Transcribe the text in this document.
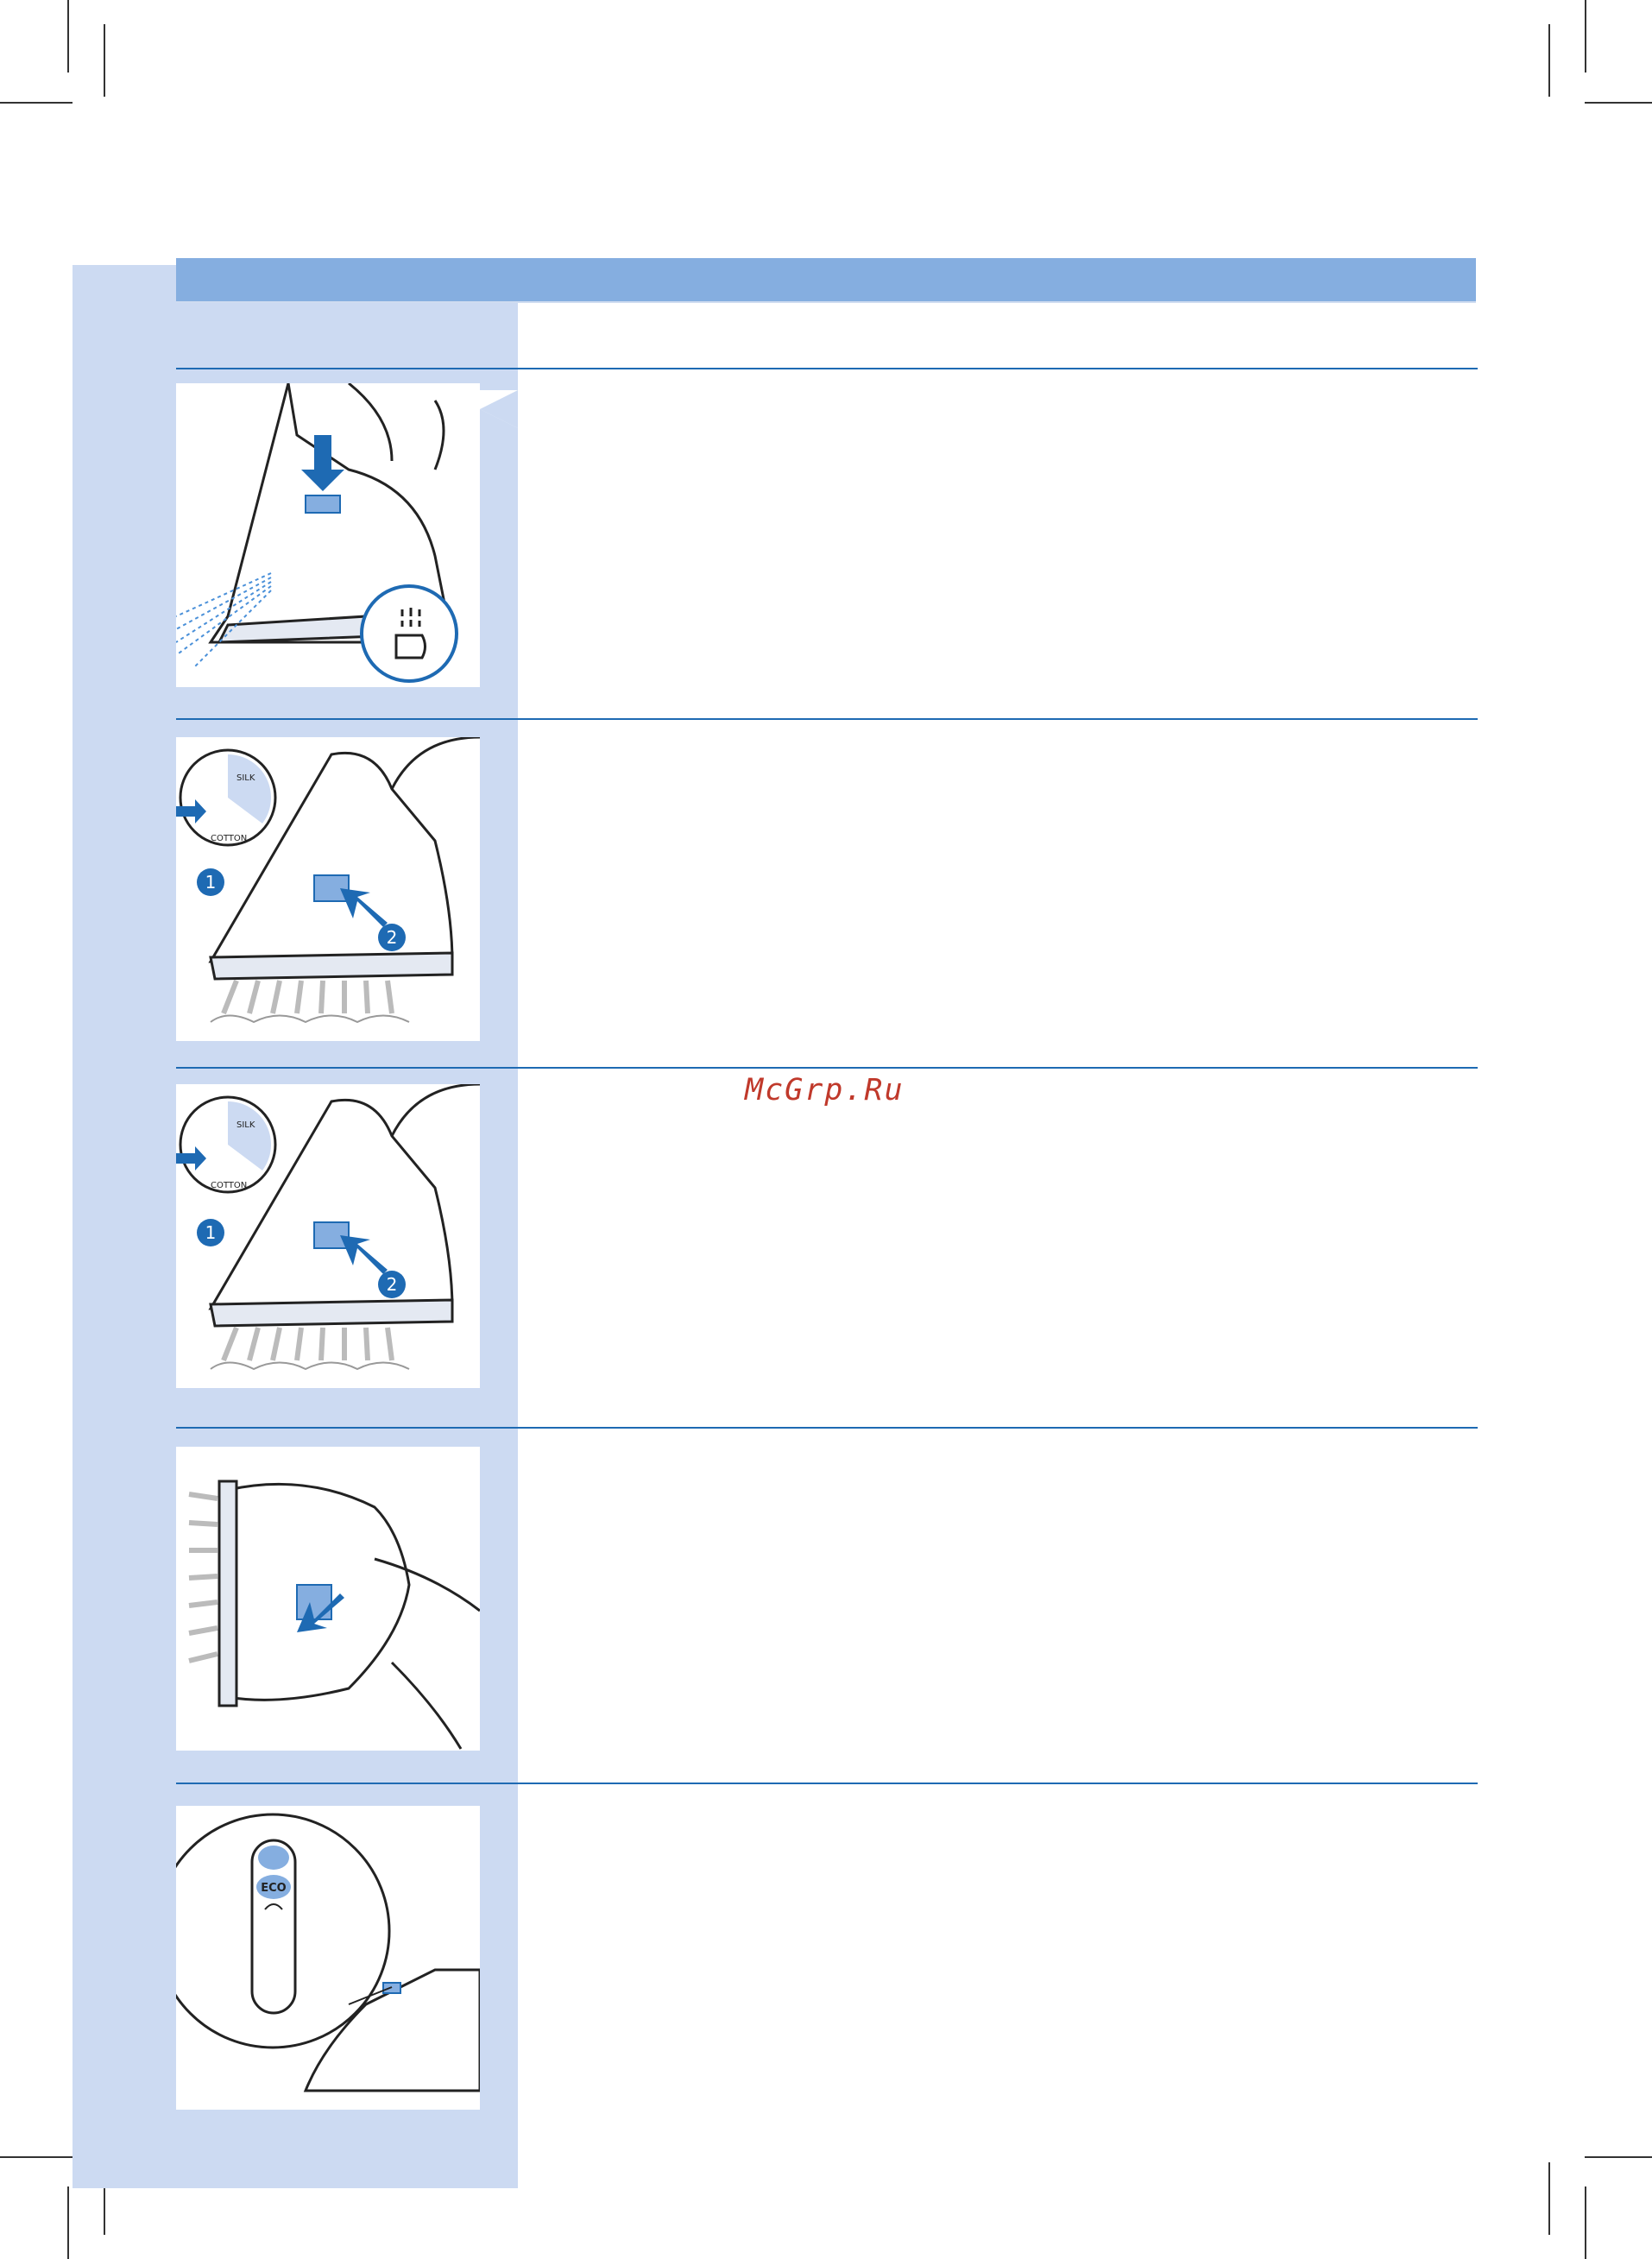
SILK
COTTON
1
2
SILK
COTTON
1
2
ECO
McGrp.Ru
